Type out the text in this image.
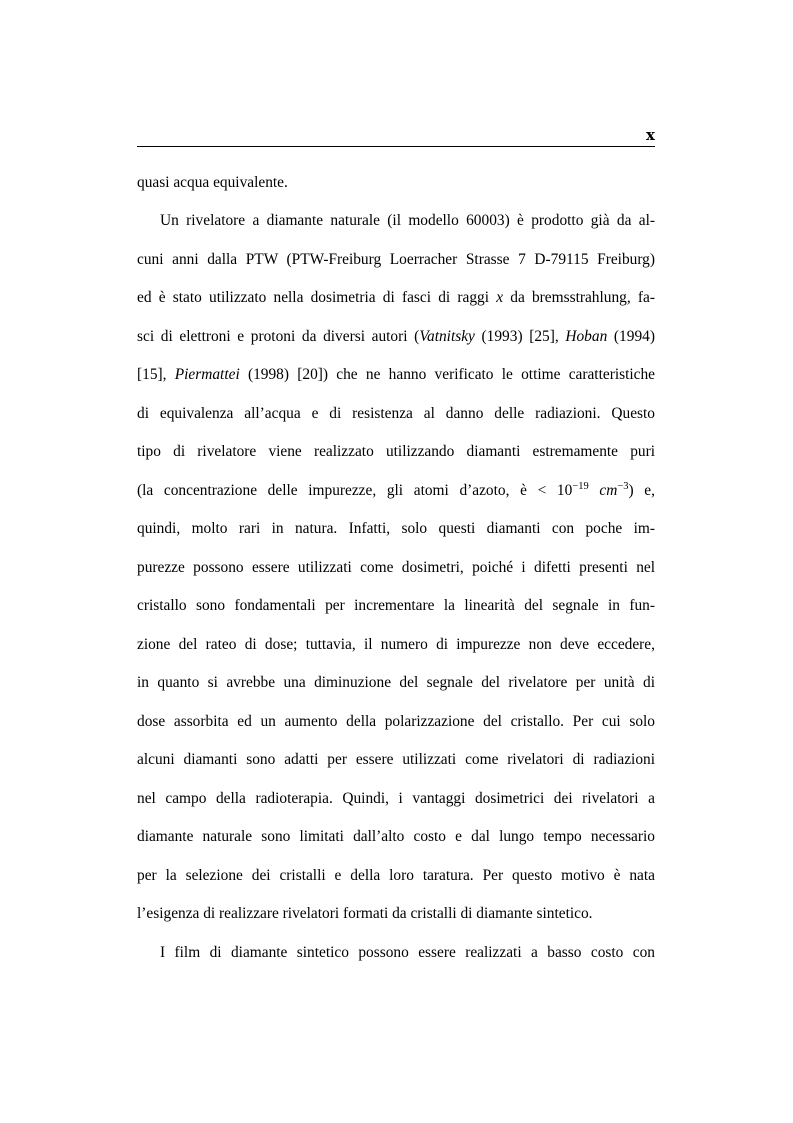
x
quasi acqua equivalente.
Un rivelatore a diamante naturale (il modello 60003) è prodotto già da al-
cuni anni dalla PTW (PTW-Freiburg Loerracher Strasse 7 D-79115 Freiburg)
ed è stato utilizzato nella dosimetria di fasci di raggi x da bremsstrahlung, fa-
sci di elettroni e protoni da diversi autori (Vatnitsky (1993) [25], Hoban (1994)
[15], Piermattei (1998) [20]) che ne hanno verificato le ottime caratteristiche
di equivalenza all’acqua e di resistenza al danno delle radiazioni. Questo
tipo di rivelatore viene realizzato utilizzando diamanti estremamente puri
(la concentrazione delle impurezze, gli atomi d’azoto, è < $10^{-19}$ $cm^{-3}$) e,
quindi, molto rari in natura. Infatti, solo questi diamanti con poche im-
purezze possono essere utilizzati come dosimetri, poiché i difetti presenti nel
cristallo sono fondamentali per incrementare la linearità del segnale in fun-
zione del rateo di dose; tuttavia, il numero di impurezze non deve eccedere,
in quanto si avrebbe una diminuzione del segnale del rivelatore per unità di
dose assorbita ed un aumento della polarizzazione del cristallo. Per cui solo
alcuni diamanti sono adatti per essere utilizzati come rivelatori di radiazioni
nel campo della radioterapia. Quindi, i vantaggi dosimetrici dei rivelatori a
diamante naturale sono limitati dall’alto costo e dal lungo tempo necessario
per la selezione dei cristalli e della loro taratura. Per questo motivo è nata
l’esigenza di realizzare rivelatori formati da cristalli di diamante sintetico.
I film di diamante sintetico possono essere realizzati a basso costo con
